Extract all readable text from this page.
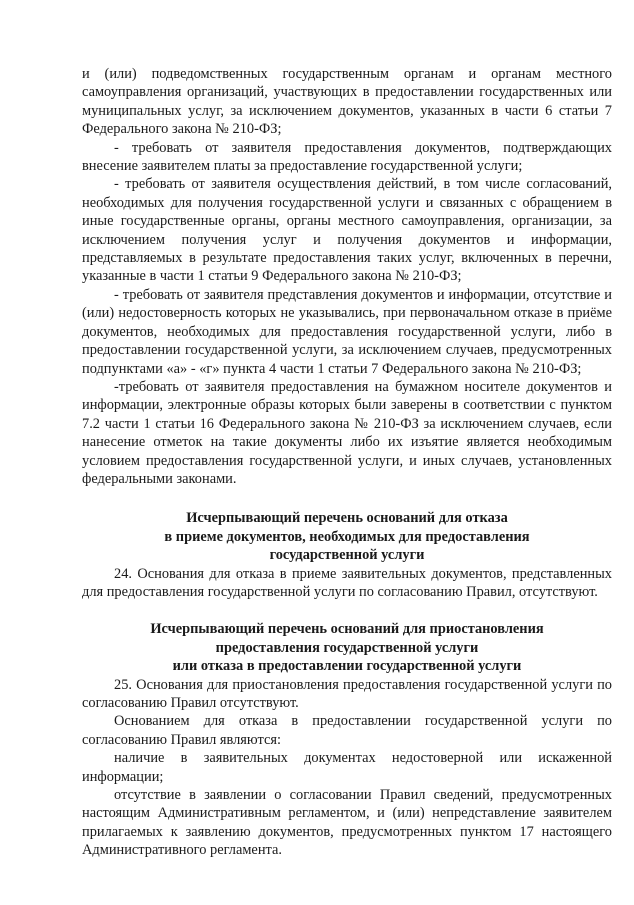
и (или) подведомственных государственным органам и органам местного самоуправления организаций, участвующих в предоставлении государственных или муниципальных услуг, за исключением документов, указанных в части 6 статьи 7 Федерального закона № 210-ФЗ;

- требовать от заявителя предоставления документов, подтверждающих внесение заявителем платы за предоставление государственной услуги;

- требовать от заявителя осуществления действий, в том числе согласований, необходимых для получения государственной услуги и связанных с обращением в иные государственные органы, органы местного самоуправления, организации, за исключением получения услуг и получения документов и информации, представляемых в результате предоставления таких услуг, включенных в перечни, указанные в части 1 статьи 9 Федерального закона № 210-ФЗ;

- требовать от заявителя представления документов и информации, отсутствие и (или) недостоверность которых не указывались, при первоначальном отказе в приёме документов, необходимых для предоставления государственной услуги, либо в предоставлении государственной услуги, за исключением случаев, предусмотренных подпунктами «а» - «г» пункта 4 части 1 статьи 7 Федерального закона № 210-ФЗ;

-требовать от заявителя предоставления на бумажном носителе документов и информации, электронные образы которых были заверены в соответствии с пунктом 7.2 части 1 статьи 16 Федерального закона № 210-ФЗ за исключением случаев, если нанесение отметок на такие документы либо их изъятие является необходимым условием предоставления государственной услуги, и иных случаев, установленных федеральными законами.

Исчерпывающий перечень оснований для отказа
в приеме документов, необходимых для предоставления
государственной услуги

24. Основания для отказа в приеме заявительных документов, представленных для предоставления государственной услуги по согласованию Правил, отсутствуют.

Исчерпывающий перечень оснований для приостановления
предоставления государственной услуги
или отказа в предоставлении государственной услуги

25. Основания для приостановления предоставления государственной услуги по согласованию Правил отсутствуют.

Основанием для отказа в предоставлении государственной услуги по согласованию Правил являются:

наличие в заявительных документах недостоверной или искаженной информации;

отсутствие в заявлении о согласовании Правил сведений, предусмотренных настоящим Административным регламентом, и (или) непредставление заявителем прилагаемых к заявлению документов, предусмотренных пунктом 17 настоящего Административного регламента.
